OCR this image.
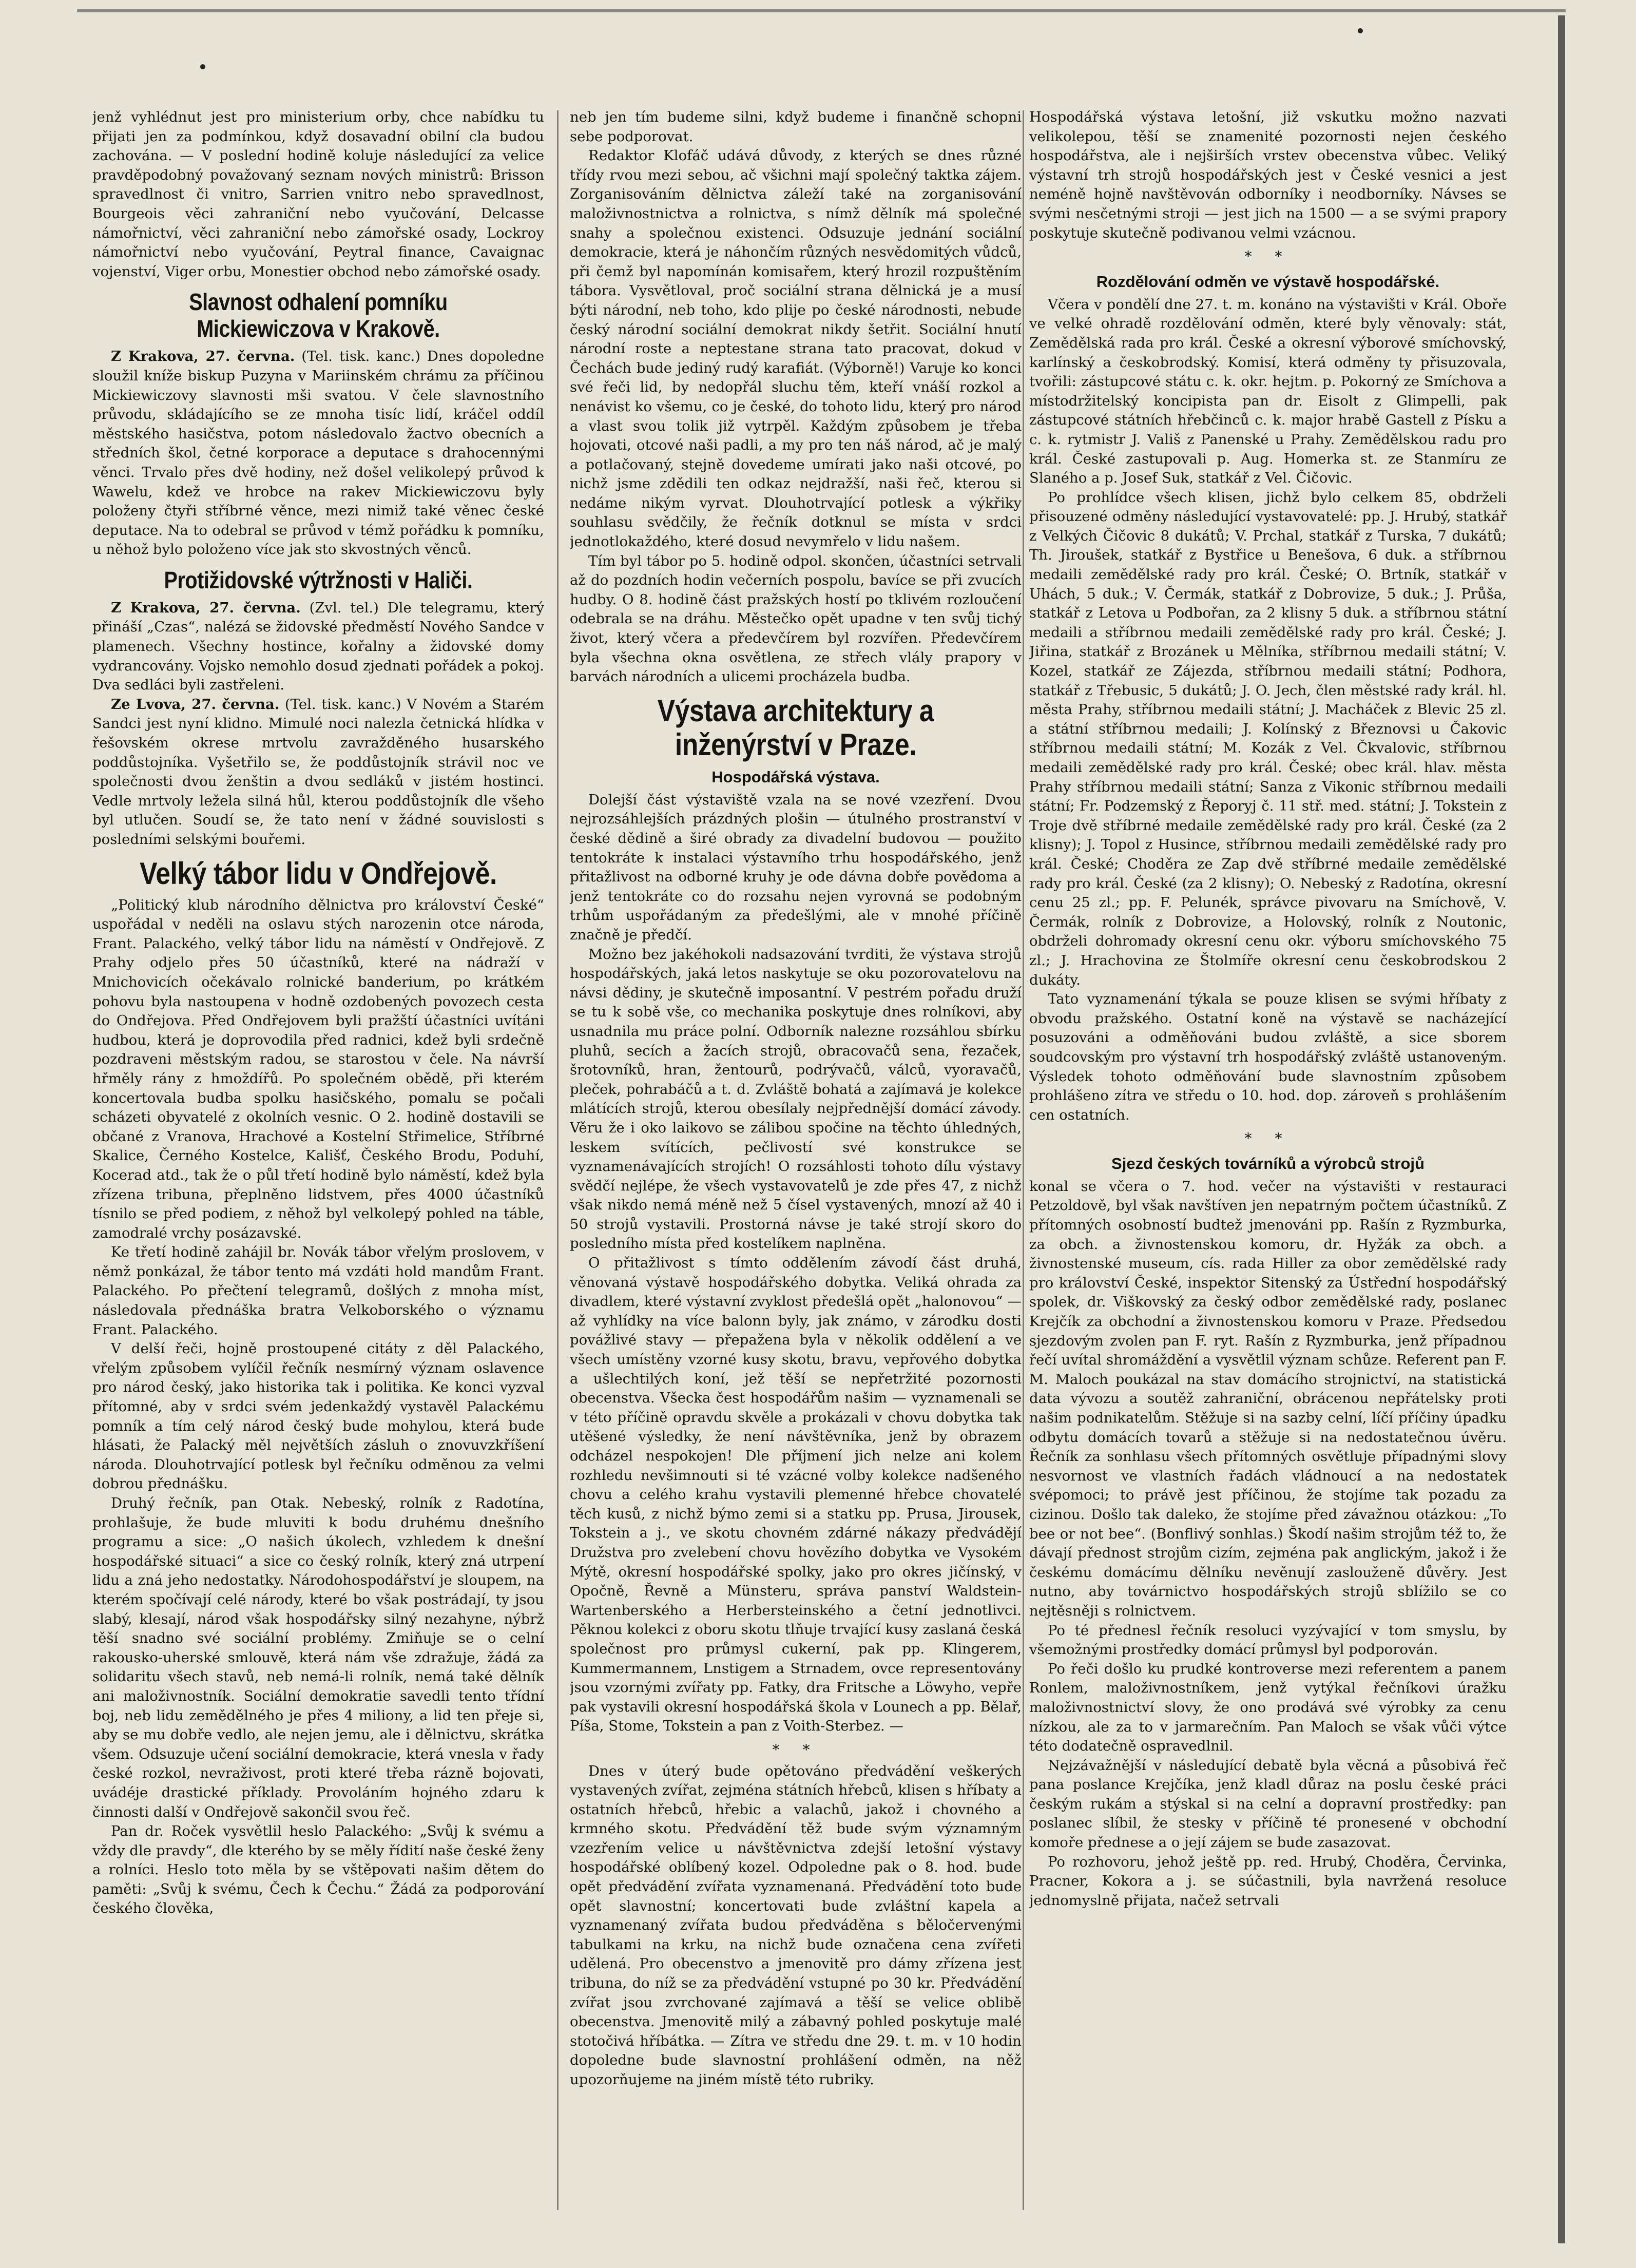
jenž vyhlédnut jest pro ministerium orby, chce nabídku tu přijati jen za podmínkou, když dosavadní obilní cla budou zachována. — V poslední hodině koluje následující za velice pravděpodobný považovaný seznam nových ministrů: Brisson spravedlnost či vnitro, Sarrien vnitro nebo spravedlnost, Bourgeois věci zahraniční nebo vyučování, Delcasse námořnictví, věci zahraniční nebo zámořské osady, Lockroy námořnictví nebo vyučování, Peytral finance, Cavaignac vojenství, Viger orbu, Monestier obchod nebo zámořské osady.

Slavnost odhalení pomníku Mickiewiczova v Krakově.

Z Krakova, 27. června. (Tel. tisk. kanc.) Dnes dopoledne sloužil kníže biskup Puzyna v Mariinském chrámu za příčinou Mickiewiczovy slavnosti mši svatou. V čele slavnostního průvodu, skládajícího se ze mnoha tisíc lidí, kráčel oddíl městského hasičstva, potom následovalo žactvo obecních a středních škol, četné korporace a deputace s drahocennými věnci. Trvalo přes dvě hodiny, než došel velikolepý průvod k Wawelu, kdež ve hrobce na rakev Mickiewiczovu byly položeny čtyři stříbrné věnce, mezi nimiž také věnec české deputace. Na to odebral se průvod v témž pořádku k pomníku, u něhož bylo položeno více jak sto skvostných věnců.

Protižidovské výtržnosti v Haliči.

Z Krakova, 27. června. (Zvl. tel.) Dle telegramu, který přináší „Czas“, nalézá se židovské předměstí Nového Sandce v plamenech. Všechny hostince, kořalny a židovské domy vydrancovány. Vojsko nemohlo dosud zjednati pořádek a pokoj. Dva sedláci byli zastřeleni.

Ze Lvova, 27. června. (Tel. tisk. kanc.) V Novém a Starém Sandci jest nyní klidno. Mimulé noci nalezla četnická hlídka v řešovském okrese mrtvolu zavražděného husarského poddůstojníka. Vyšetřilo se, že poddůstojník strávil noc ve společnosti dvou ženštin a dvou sedláků v jistém hostinci. Vedle mrtvoly ležela silná hůl, kterou poddůstojník dle všeho byl utlučen. Soudí se, že tato není v žádné souvislosti s posledními selskými bouřemi.

Velký tábor lidu v Ondřejově.

„Politický klub národního dělnictva pro království České“ uspořádal v neděli na oslavu stých narozenin otce národa, Frant. Palackého, velký tábor lidu na náměstí v Ondřejově. Z Prahy odjelo přes 50 účastníků, které na nádraží v Mnichovicích očekávalo rolnické banderium, po krátkém pohovu byla nastoupena v hodně ozdobených povozech cesta do Ondřejova. Před Ondřejovem byli pražští účastníci uvítáni hudbou, která je doprovodila před radnici, kdež byli srdečně pozdraveni městským radou, se starostou v čele. Na návrší hřměly rány z hmoždířů. Po společném obědě, při kterém koncertovala budba spolku hasičského, pomalu se počali scházeti obyvatelé z okolních vesnic. O 2. hodině dostavili se občané z Vranova, Hrachové a Kostelní Střimelice, Stříbrné Skalice, Černého Kostelce, Kališť, Českého Brodu, Poduhí, Kocerad atd., tak že o půl třetí hodině bylo náměstí, kdež byla zřízena tribuna, přeplněno lidstvem, přes 4000 účastníků tísnilo se před podiem, z něhož byl velkolepý pohled na táble, zamodralé vrchy posázavské.

Ke třetí hodině zahájil br. Novák tábor vřelým proslovem, v němž ponkázal, že tábor tento má vzdáti hold mandům Frant. Palackého. Po přečtení telegramů, došlých z mnoha míst, následovala přednáška bratra Velkoborského o významu Frant. Palackého.

V delší řeči, hojně prostoupené citáty z děl Palackého, vřelým způsobem vylíčil řečník nesmírný význam oslavence pro národ český, jako historika tak i politika. Ke konci vyzval přítomné, aby v srdci svém jedenkaždý vystavěl Palackému pomník a tím celý národ český bude mohylou, která bude hlásati, že Palacký měl největších zásluh o znovuvzkříšení národa. Dlouhotrvající potlesk byl řečníku odměnou za velmi dobrou přednášku.

Druhý řečník, pan Otak. Nebeský, rolník z Radotína, prohlašuje, že bude mluviti k bodu druhému dnešního programu a sice: „O našich úkolech, vzhledem k dnešní hospodářské situaci“ a sice co český rolník, který zná utrpení lidu a zná jeho nedostatky. Národohospodářství je sloupem, na kterém spočívají celé národy, které bo však postrádají, ty jsou slabý, klesají, národ však hospodářsky silný nezahyne, nýbrž těší snadno své sociální problémy. Zmiňuje se o celní rakousko-uherské smlouvě, která nám vše zdražuje, žádá za solidaritu všech stavů, neb nemá-li rolník, nemá také dělník ani maloživnostník. Sociální demokratie savedli tento třídní boj, neb lidu zemědělného je přes 4 miliony, a lid ten přeje si, aby se mu dobře vedlo, ale nejen jemu, ale i dělnictvu, skrátka všem. Odsuzuje učení sociální demokracie, která vnesla v řady české rozkol, nevraživost, proti které třeba rázně bojovati, uvádéje drastické příklady. Provoláním hojného zdaru k činnosti další v Ondřejově sakončil svou řeč.

Pan dr. Roček vysvětlil heslo Palackého: „Svůj k svému a vždy dle pravdy“, dle kterého by se měly řídití naše české ženy a rolníci. Heslo toto měla by se vštěpovati našim dětem do paměti: „Svůj k svému, Čech k Čechu.“ Žádá za podporování českého člověka,

neb jen tím budeme silni, když budeme i finančně schopni sebe podporovat.

Redaktor Klofáč udává důvody, z kterých se dnes různé třídy rvou mezi sebou, ač všichni mají společný taktka zájem. Zorganisováním dělnictva záleží také na zorganisování maloživnostnictva a rolnictva, s nímž dělník má společné snahy a společnou existenci. Odsuzuje jednání sociální demokracie, která je náhončím různých nesvědomitých vůdců, při čemž byl napomínán komisařem, který hrozil rozpuštěním tábora. Vysvětloval, proč sociální strana dělnická je a musí býti národní, neb toho, kdo plije po české národnosti, nebude český národní sociální demokrat nikdy šetřit. Sociální hnutí národní roste a neptestane strana tato pracovat, dokud v Čechách bude jediný rudý karafiát. (Výborně!) Varuje ko konci své řeči lid, by nedopřál sluchu těm, kteří vnáší rozkol a nenávist ko všemu, co je české, do tohoto lidu, který pro národ a vlast svou tolik již vytrpěl. Každým způsobem je třeba hojovati, otcové naši padli, a my pro ten náš národ, ač je malý a potlačovaný, stejně dovedeme umírati jako naši otcové, po nichž jsme zdědili ten odkaz nejdražší, naši řeč, kterou si nedáme nikým vyrvat. Dlouhotrvající potlesk a výkřiky souhlasu svědčily, že řečník dotknul se místa v srdci jednotlokaždého, které dosud nevymřelo v lidu našem.

Tím byl tábor po 5. hodině odpol. skončen, účastníci setrvali až do pozdních hodin večerních pospolu, bavíce se při zvucích hudby. O 8. hodině část pražských hostí po tklivém rozloučení odebrala se na dráhu. Městečko opět upadne v ten svůj tichý život, který včera a předevčírem byl rozvířen. Předevčírem byla všechna okna osvětlena, ze střech vlály prapory v barvách národních a ulicemi procházela budba.

Výstava architektury a inženýrství v Praze.
Hospodářská výstava.

Dolejší část výstaviště vzala na se nové vzezření. Dvou nejrozsáhlejších prázdných plošin — útulného prostranství v české dědině a širé obrady za divadelní budovou — použito tentokráte k instalaci výstavního trhu hospodářského, jenž přitažlivost na odborné kruhy je ode dávna dobře povědoma a jenž tentokráte co do rozsahu nejen vyrovná se podobným trhům uspořádaným za předešlými, ale v mnohé příčině značně je předčí.

Možno bez jakéhokoli nadsazování tvrditi, že výstava strojů hospodářských, jaká letos naskytuje se oku pozorovatelovu na návsi dědiny, je skutečně imposantní. V pestrém pořadu druží se tu k sobě vše, co mechanika poskytuje dnes rolníkovi, aby usnadnila mu práce polní. Odborník nalezne rozsáhlou sbírku pluhů, secích a žacích strojů, obracovačů sena, řezaček, šrotovníků, hran, žentourů, podrývačů, válců, vyoravačů, pleček, pohrabáčů a t. d. Zvláště bohatá a zajímavá je kolekce mlátících strojů, kterou obesílaly nejpřednější domácí závody. Věru že i oko laikovo se zálibou spočine na těchto úhledných, leskem svítících, pečlivostí své konstrukce se vyznamenávajících strojích! O rozsáhlosti tohoto dílu výstavy svědčí nejlépe, že všech vystavovatelů je zde přes 47, z nichž však nikdo nemá méně než 5 čísel vystavených, mnozí až 40 i 50 strojů vystavili. Prostorná návse je také strojí skoro do posledního místa před kostelíkem naplněna.

O přitažlivost s tímto oddělením závodí část druhá, věnovaná výstavě hospodářského dobytka. Veliká ohrada za divadlem, které výstavní zvyklost předešlá opět „halonovou“ — až vyhlídky na více balonn byly, jak známo, v zárodku dosti povážlivé stavy — přepažena byla v několik oddělení a ve všech umístěny vzorné kusy skotu, bravu, vepřového dobytka a ušlechtilých koní, jež těší se nepřetržité pozornosti obecenstva. Všecka čest hospodářům našim — vyznamenali se v této příčině opravdu skvěle a prokázali v chovu dobytka tak utěšené výsledky, že není návštěvníka, jenž by obrazem odcházel nespokojen! Dle příjmení jich nelze ani kolem rozhledu nevšimnouti si té vzácné volby kolekce nadšeného chovu a celého krahu vystavili plemenné hřebce chovatelé těch kusů, z nichž býmo zemi si a statku pp. Prusa, Jirousek, Tokstein a j., ve skotu chovném zdárné nákazy předvádějí Družstva pro zvelebení chovu hovězího dobytka ve Vysokém Mýtě, okresní hospodářské spolky, jako pro okres jičínský, v Opočně, Řevně a Münsteru, správa panství Waldstein-Wartenberského a Herbersteinského a četní jednotlivci. Pěknou kolekci z oboru skotu tlňuje trvající kusy zaslaná česká společnost pro průmysl cukerní, pak pp. Klingerem, Kummermannem, Lnstigem a Strnadem, ovce representovány jsou vzornými zvířaty pp. Fatky, dra Fritsche a Löwyho, vepře pak vystavili okresní hospodářská škola v Lounech a pp. Bělař, Píša, Stome, Tokstein a pan z Voith-Sterbez. —

* *

Dnes v úterý bude opětováno předvádění veškerých vystavených zvířat, zejména státních hřebců, klisen s hříbaty a ostatních hřebců, hřebic a valachů, jakož i chovného a krmného skotu. Předvádění těž bude svým významným vzezřením velice u návštěvnictva zdejší letošní výstavy hospodářské oblíbený kozel. Odpoledne pak o 8. hod. bude opět předvádění zvířata vyznamenaná. Předvádění toto bude opět slavnostní; koncertovati bude zvláštní kapela a vyznamenaný zvířata budou předváděna s běločervenými tabulkami na krku, na nichž bude označena cena zvířeti udělená. Pro obecenstvo a jmenovitě pro dámy zřízena jest tribuna, do níž se za předvádění vstupné po 30 kr. Předvádění zvířat jsou zvrchované zajímavá a těší se velice oblibě obecenstva. Jmenovitě milý a zábavný pohled poskytuje malé stotočivá hříbátka. — Zítra ve středu dne 29. t. m. v 10 hodin dopoledne bude slavnostní prohlášení odměn, na něž upozorňujeme na jiném místě této rubriky.

Hospodářská výstava letošní, již vskutku možno nazvati velikolepou, těší se znamenité pozornosti nejen českého hospodářstva, ale i nejširších vrstev obecenstva vůbec. Veliký výstavní trh strojů hospodářských jest v České vesnici a jest neméně hojně navštěvován odborníky i neodborníky. Návses se svými nesčetnými stroji — jest jich na 1500 — a se svými prapory poskytuje skutečně podivanou velmi vzácnou.

* *
Rozdělování odměn ve výstavě hospodářské.

Včera v pondělí dne 27. t. m. konáno na výstavišti v Král. Oboře ve velké ohradě rozdělování odměn, které byly věnovaly: stát, Zemědělská rada pro král. České a okresní výborové smíchovský, karlínský a českobrodský. Komisí, která odměny ty přisuzovala, tvořili: zástupcové státu c. k. okr. hejtm. p. Pokorný ze Smíchova a místodržitelský koncipista pan dr. Eisolt z Glimpelli, pak zástupcové státních hřebčinců c. k. major hrabě Gastell z Písku a c. k. rytmistr J. Vališ z Panenské u Prahy. Zemědělskou radu pro král. České zastupovali p. Aug. Homerka st. ze Stanmíru ze Slaného a p. Josef Suk, statkář z Vel. Čičovic.

Po prohlídce všech klisen, jichž bylo celkem 85, obdrželi přisouzené odměny následující vystavovatelé: pp. J. Hrubý, statkář z Velkých Čičovic 8 dukátů; V. Prchal, statkář z Turska, 7 dukátů; Th. Jiroušek, statkář z Bystřice u Benešova, 6 duk. a stříbrnou medaili zemědělské rady pro král. České; O. Brtník, statkář v Uhách, 5 duk.; V. Čermák, statkář z Dobrovize, 5 duk.; J. Průša, statkář z Letova u Podbořan, za 2 klisny 5 duk. a stříbrnou státní medaili a stříbrnou medaili zemědělské rady pro král. České; J. Jiřina, statkář z Brozánek u Mělníka, stříbrnou medaili státní; V. Kozel, statkář ze Zájezda, stříbrnou medaili státní; Podhora, statkář z Třebusic, 5 dukátů; J. O. Jech, člen městské rady král. hl. města Prahy, stříbrnou medaili státní; J. Macháček z Blevic 25 zl. a státní stříbrnou medaili; J. Kolínský z Březnovsi u Čakovic stříbrnou medaili státní; M. Kozák z Vel. Čkvalovic, stříbrnou medaili zemědělské rady pro král. České; obec král. hlav. města Prahy stříbrnou medaili státní; Sanza z Vikonic stříbrnou medaili státní; Fr. Podzemský z Řeporyj č. 11 stř. med. státní; J. Tokstein z Troje dvě stříbrné medaile zemědělské rady pro král. České (za 2 klisny); J. Topol z Husince, stříbrnou medaili zemědělské rady pro král. České; Choděra ze Zap dvě stříbrné medaile zemědělské rady pro král. České (za 2 klisny); O. Nebeský z Radotína, okresní cenu 25 zl.; pp. F. Pelunék, správce pivovaru na Smíchově, V. Čermák, rolník z Dobrovize, a Holovský, rolník z Noutonic, obdrželi dohromady okresní cenu okr. výboru smíchovského 75 zl.; J. Hrachovina ze Štolmíře okresní cenu českobrodskou 2 dukáty.

Tato vyznamenání týkala se pouze klisen se svými hříbaty z obvodu pražského. Ostatní koně na výstavě se nacházející posuzováni a odměňováni budou zvláště, a sice sborem soudcovským pro výstavní trh hospodářský zvláště ustanoveným. Výsledek tohoto odměňování bude slavnostním způsobem prohlášeno zítra ve středu o 10. hod. dop. zároveň s prohlášením cen ostatních.

* *
Sjezd českých továrníků a výrobců strojů

konal se včera o 7. hod. večer na výstavišti v restauraci Petzoldově, byl však navštíven jen nepatrným počtem účastníků. Z přítomných osobností budtež jmenováni pp. Rašín z Ryzmburka, za obch. a živnostenskou komoru, dr. Hyžák za obch. a živnostenské museum, cís. rada Hiller za obor zemědělské rady pro království České, inspektor Sitenský za Ústřední hospodářský spolek, dr. Viškovský za český odbor zemědělské rady, poslanec Krejčík za obchodní a živnostenskou komoru v Praze. Předsedou sjezdovým zvolen pan F. ryt. Rašín z Ryzmburka, jenž případnou řečí uvítal shromáždění a vysvětlil význam schůze. Referent pan F. M. Maloch poukázal na stav domácího strojnictví, na statistická data vývozu a soutěž zahraniční, obrácenou nepřátelsky proti našim podnikatelům. Stěžuje si na sazby celní, líčí příčiny úpadku odbytu domácích tovarů a stěžuje si na nedostatečnou úvěru. Řečník za sonhlasu všech přítomných osvětluje případnými slovy nesvornost ve vlastních řadách vládnoucí a na nedostatek svépomoci; to právě jest příčinou, že stojíme tak pozadu za cizinou. Došlo tak daleko, že stojíme před závažnou otázkou: „To bee or not bee“. (Bonflivý sonhlas.) Škodí našim strojům též to, že dávají přednost strojům cizím, zejména pak anglickým, jakož i že českému domácímu dělníku nevěnují zaslouženě důvěry. Jest nutno, aby továrnictvo hospodářských strojů sblížilo se co nejtěsněji s rolnictvem.

Po té přednesl řečník resoluci vyzývající v tom smyslu, by všemožnými prostředky domácí průmysl byl podporován.

Po řeči došlo ku prudké kontroverse mezi referentem a panem Ronlem, maloživnostníkem, jenž vytýkal řečníkovi úražku maloživnostnictví slovy, že ono prodává své výrobky za cenu nízkou, ale za to v jarmarečním. Pan Maloch se však vůči výtce této dodatečně ospravedlnil.

Nejzávažnější v následující debatě byla věcná a působivá řeč pana poslance Krejčíka, jenž kladl důraz na poslu české práci českým rukám a stýskal si na celní a dopravní prostředky: pan poslanec slíbil, že stesky v příčině té pronesené v obchodní komoře přednese a o její zájem se bude zasazovat.

Po rozhovoru, jehož ještě pp. red. Hrubý, Choděra, Červinka, Pracner, Kokora a j. se súčastnili, byla navržená resoluce jednomyslně přijata, načež setrvali
